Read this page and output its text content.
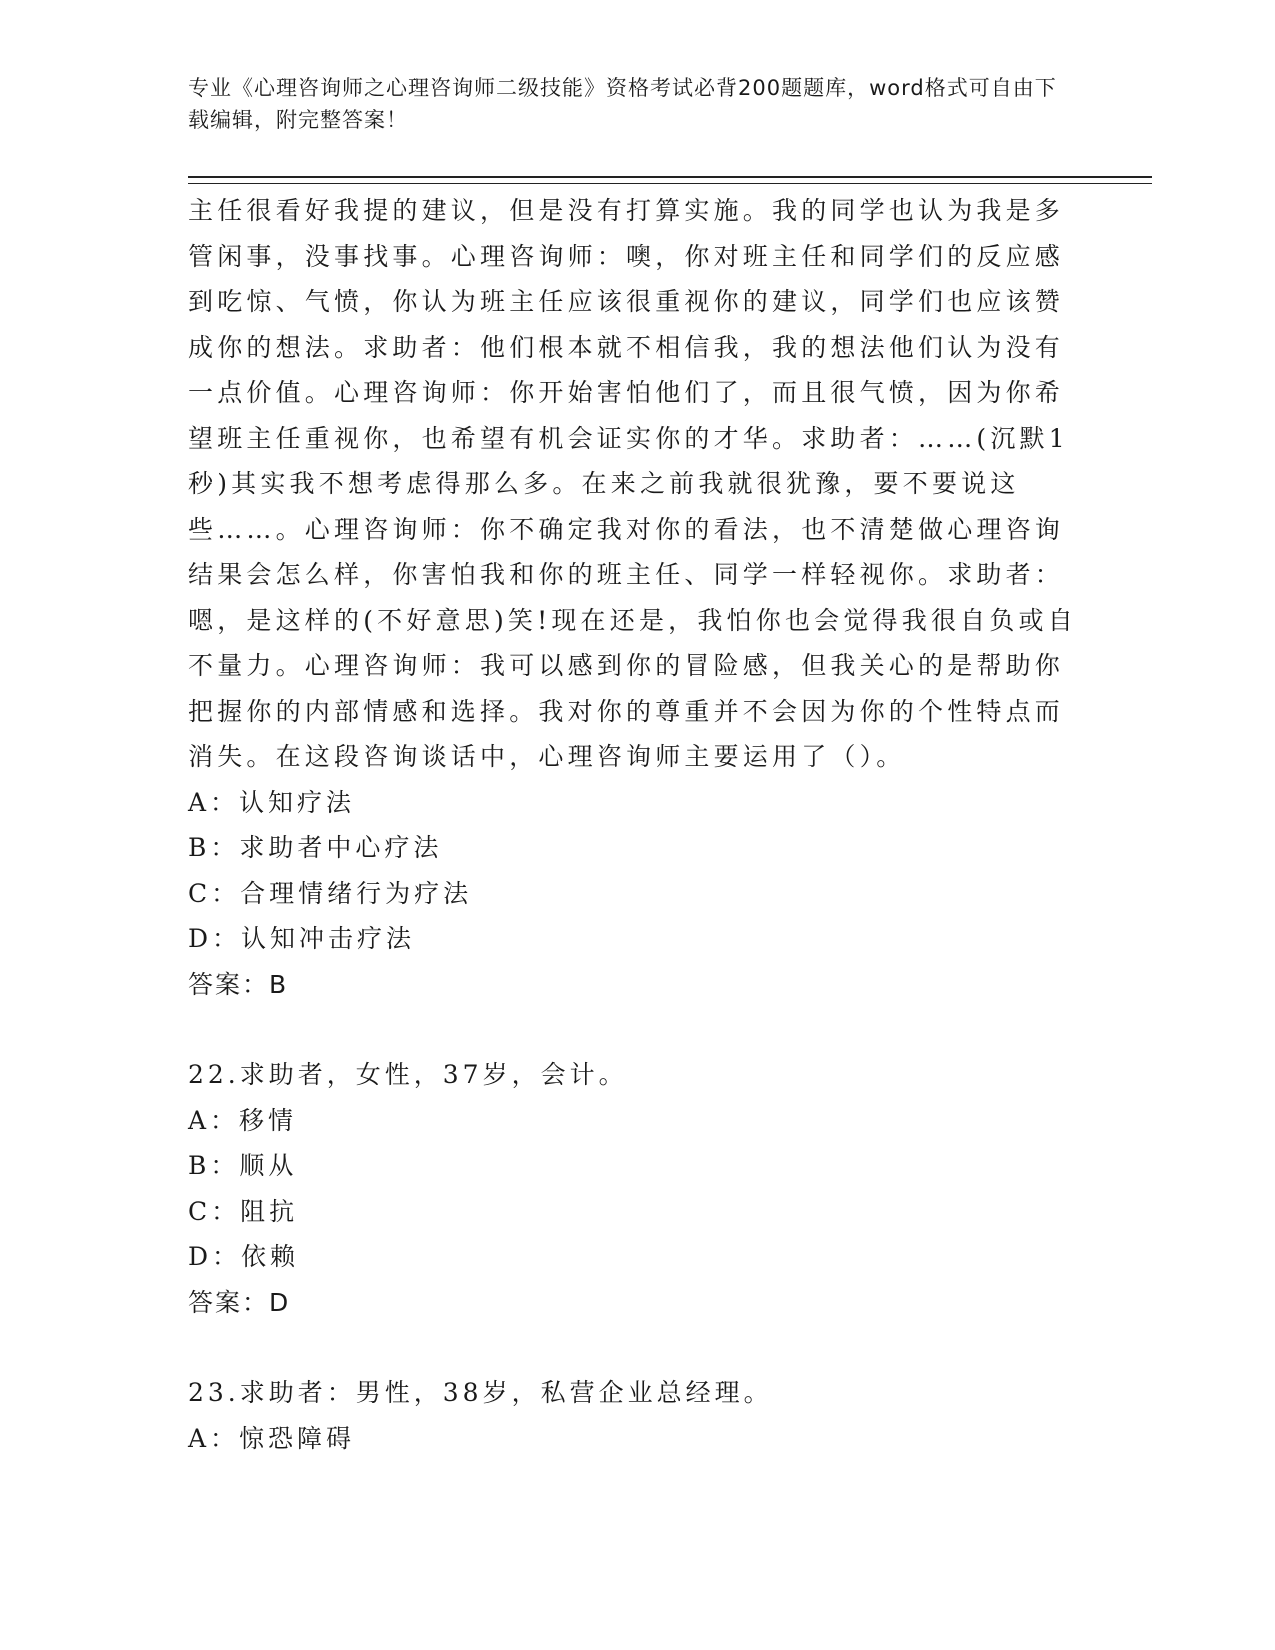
专业《心理咨询师之心理咨询师二级技能》资格考试必背200题题库，word格式可自由下载编辑，附完整答案！

主任很看好我提的建议，但是没有打算实施。我的同学也认为我是多管闲事，没事找事。心理咨询师：噢，你对班主任和同学们的反应感到吃惊、气愤，你认为班主任应该很重视你的建议，同学们也应该赞成你的想法。求助者：他们根本就不相信我，我的想法他们认为没有一点价值。心理咨询师：你开始害怕他们了，而且很气愤，因为你希望班主任重视你，也希望有机会证实你的才华。求助者：……(沉默1秒)其实我不想考虑得那么多。在来之前我就很犹豫，要不要说这些……。心理咨询师：你不确定我对你的看法，也不清楚做心理咨询结果会怎么样，你害怕我和你的班主任、同学一样轻视你。求助者：嗯，是这样的(不好意思)笑!现在还是，我怕你也会觉得我很自负或自不量力。心理咨询师：我可以感到你的冒险感，但我关心的是帮助你把握你的内部情感和选择。我对你的尊重并不会因为你的个性特点而消失。在这段咨询谈话中，心理咨询师主要运用了（）。

A：认知疗法

B：求助者中心疗法

C：合理情绪行为疗法

D：认知冲击疗法

答案：B

22.求助者，女性，37岁，会计。

A：移情

B：顺从

C：阻抗

D：依赖

答案：D

23.求助者：男性，38岁，私营企业总经理。

A：惊恐障碍
